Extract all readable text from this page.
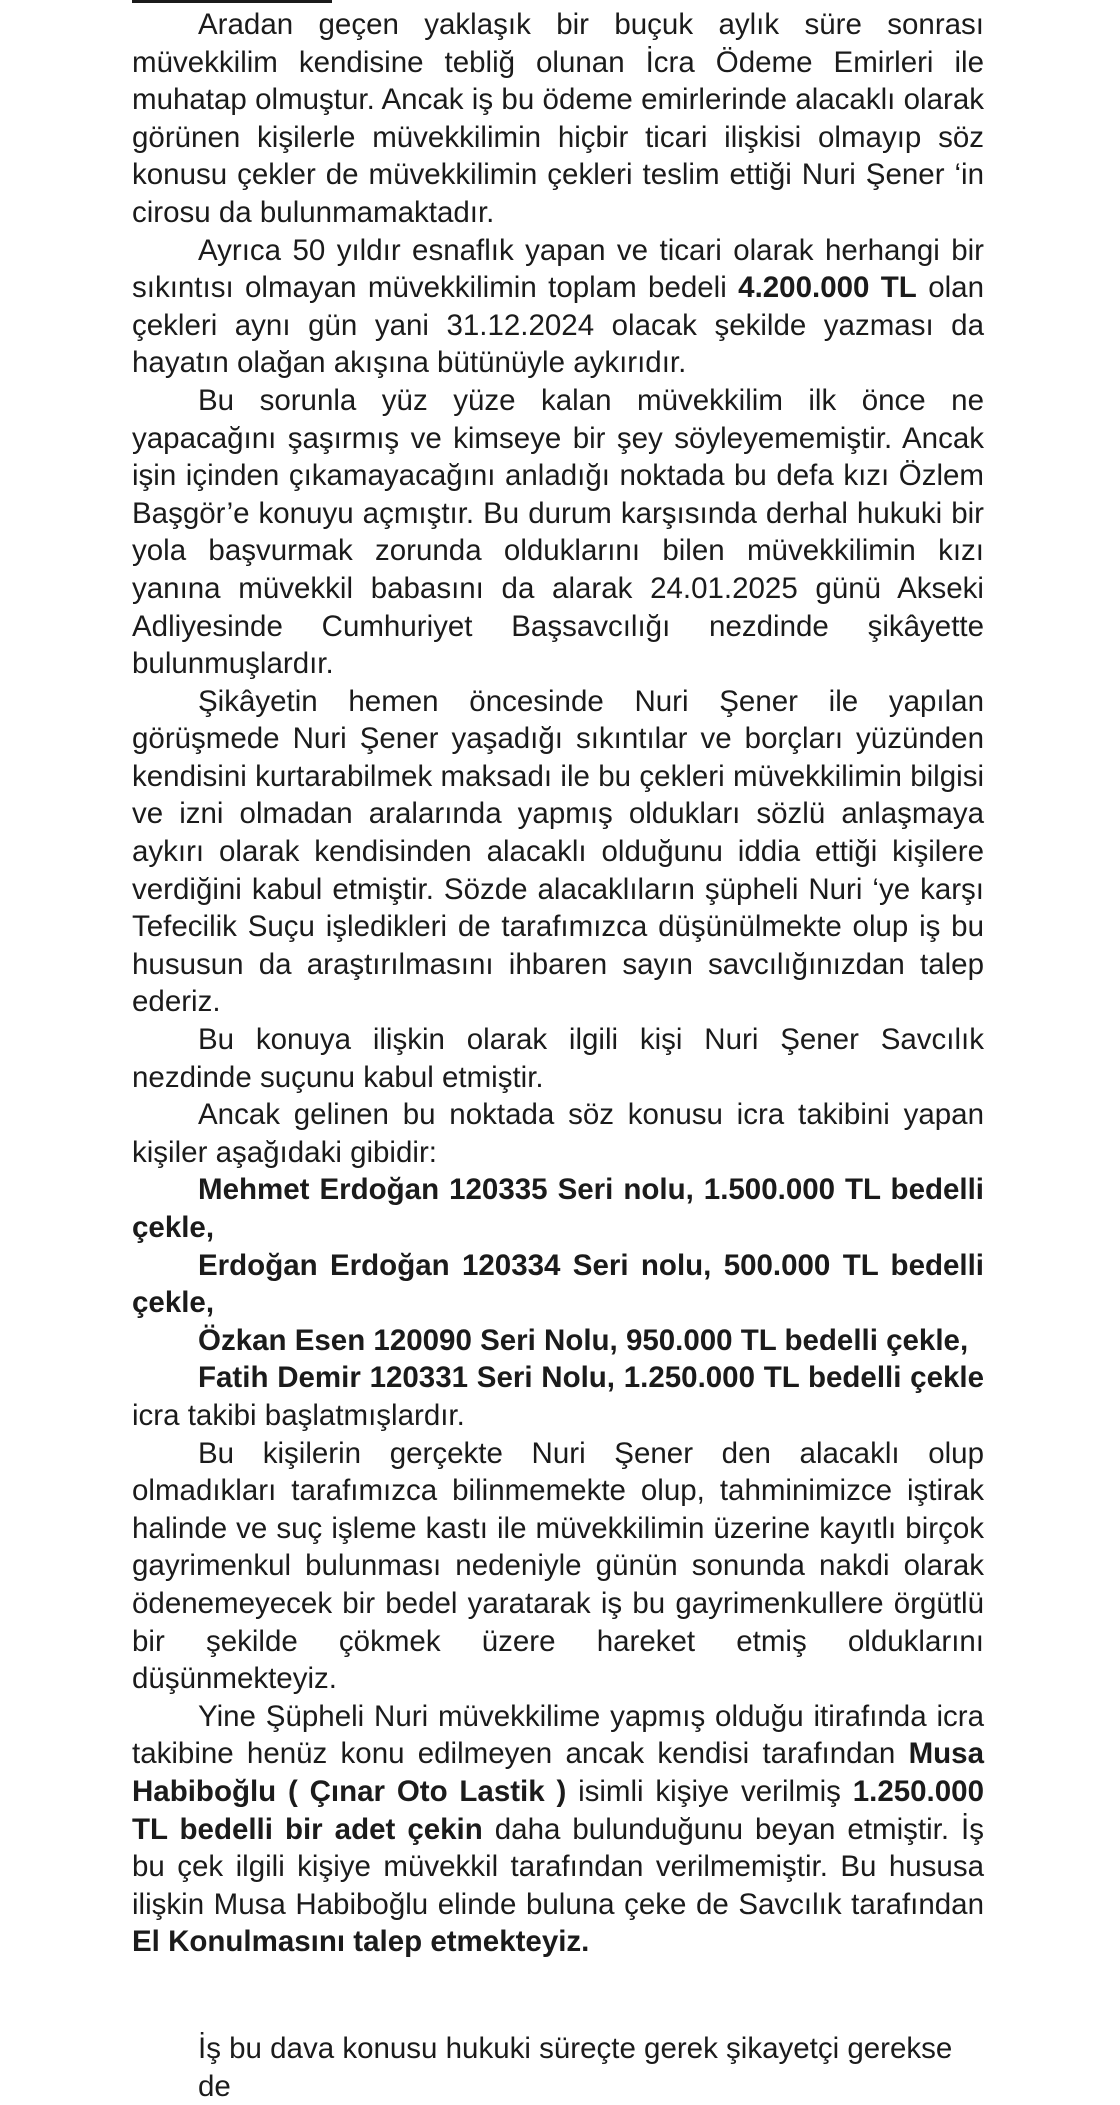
Aradan geçen yaklaşık bir buçuk aylık süre sonrası müvekkilim kendisine tebliğ olunan İcra Ödeme Emirleri ile muhatap olmuştur. Ancak iş bu ödeme emirlerinde alacaklı olarak görünen kişilerle müvekkilimin hiçbir ticari ilişkisi olmayıp söz konusu çekler de müvekkilimin çekleri teslim ettiği Nuri Şener ‘in cirosu da bulunmamaktadır.

Ayrıca 50 yıldır esnaflık yapan ve ticari olarak herhangi bir sıkıntısı olmayan müvekkilimin toplam bedeli 4.200.000 TL olan çekleri aynı gün yani 31.12.2024 olacak şekilde yazması da hayatın olağan akışına bütünüyle aykırıdır.

Bu sorunla yüz yüze kalan müvekkilim ilk önce ne yapacağını şaşırmış ve kimseye bir şey söyleyememiştir. Ancak işin içinden çıkamayacağını anladığı noktada bu defa kızı Özlem Başgör’e konuyu açmıştır. Bu durum karşısında derhal hukuki bir yola başvurmak zorunda olduklarını bilen müvekkilimin kızı yanına müvekkil babasını da alarak 24.01.2025 günü Akseki Adliyesinde Cumhuriyet Başsavcılığı nezdinde şikâyette bulunmuşlardır.

Şikâyetin hemen öncesinde Nuri Şener ile yapılan görüşmede Nuri Şener yaşadığı sıkıntılar ve borçları yüzünden kendisini kurtarabilmek maksadı ile bu çekleri müvekkilimin bilgisi ve izni olmadan aralarında yapmış oldukları sözlü anlaşmaya aykırı olarak kendisinden alacaklı olduğunu iddia ettiği kişilere verdiğini kabul etmiştir. Sözde alacaklıların şüpheli Nuri ‘ye karşı Tefecilik Suçu işledikleri de tarafımızca düşünülmekte olup iş bu hususun da araştırılmasını ihbaren sayın savcılığınızdan talep ederiz.

Bu konuya ilişkin olarak ilgili kişi Nuri Şener Savcılık nezdinde suçunu kabul etmiştir.

Ancak gelinen bu noktada söz konusu icra takibini yapan kişiler aşağıdaki gibidir:

Mehmet Erdoğan 120335 Seri nolu, 1.500.000 TL bedelli çekle,

Erdoğan Erdoğan 120334 Seri nolu, 500.000 TL bedelli çekle,

Özkan Esen 120090 Seri Nolu, 950.000 TL bedelli çekle,

Fatih Demir 120331 Seri Nolu, 1.250.000 TL bedelli çekle icra takibi başlatmışlardır.

Bu kişilerin gerçekte Nuri Şener den alacaklı olup olmadıkları tarafımızca bilinmemekte olup, tahminimizce iştirak halinde ve suç işleme kastı ile müvekkilimin üzerine kayıtlı birçok gayrimenkul bulunması nedeniyle günün sonunda nakdi olarak ödenemeyecek bir bedel yaratarak iş bu gayrimenkullere örgütlü bir şekilde çökmek üzere hareket etmiş olduklarını düşünmekteyiz.

Yine Şüpheli Nuri müvekkilime yapmış olduğu itirafında icra takibine henüz konu edilmeyen ancak kendisi tarafından Musa Habiboğlu ( Çınar Oto Lastik ) isimli kişiye verilmiş 1.250.000 TL bedelli bir adet çekin daha bulunduğunu beyan etmiştir. İş bu çek ilgili kişiye müvekkil tarafından verilmemiştir. Bu hususa ilişkin Musa Habiboğlu elinde buluna çeke de Savcılık tarafından El Konulmasını talep etmekteyiz.

İş bu dava konusu hukuki süreçte gerek şikayetçi gerekse de
